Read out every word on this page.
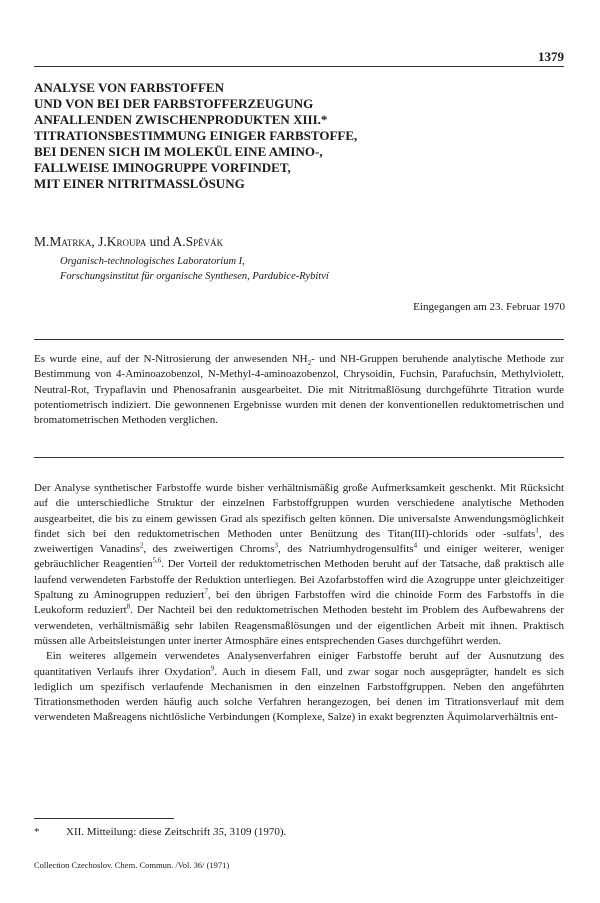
1379
ANALYSE VON FARBSTOFFEN
UND VON BEI DER FARBSTOFFERZEUGUNG
ANFALLENDEN ZWISCHENPRODUKTEN XIII.*
TITRATIONSBESTIMMUNG EINIGER FARBSTOFFE,
BEI DENEN SICH IM MOLEKÜL EINE AMINO-,
FALLWEISE IMINOGRUPPE VORFINDET,
MIT EINER NITRITMASSLÖSUNG
M.Matrka, J.Kroupa und A.Spěvák
Organisch-technologisches Laboratorium I,
Forschungsinstitut für organische Synthesen, Pardubice-Rybitví
Eingegangen am 23. Februar 1970

Es wurde eine, auf der N-Nitrosierung der anwesenden $NH_2-$ und NH-Gruppen beruhende analytische Methode zur Bestimmung von 4-Aminoazobenzol, N-Methyl-4-aminoazobenzol, Chrysoidin, Fuchsin, Parafuchsin, Methylviolett, Neutral-Rot, Trypaflavin und Phenosafranin ausgearbeitet. Die mit Nitritmaßlösung durchgeführte Titration wurde potentiometrisch indiziert. Die gewonnenen Ergebnisse wurden mit denen der konventionellen reduktometrischen und bromatometrischen Methoden verglichen.

Der Analyse synthetischer Farbstoffe wurde bisher verhältnismäßig große Aufmerksamkeit geschenkt. Mit Rücksicht auf die unterschiedliche Struktur der einzelnen Farbstoffgruppen wurden verschiedene analytische Methoden ausgearbeitet, die bis zu einem gewissen Grad als spezifisch gelten können. Die universalste Anwendungsmöglichkeit findet sich bei den reduktometrischen Methoden unter Benützung des Titan(III)-chlorids oder -sulfats$^1$, des zweiwertigen Vanadins$^2$, des zweiwertigen Chroms$^3$, des Natriumhydrogensulfits$^4$ und einiger weiterer, weniger gebräuchlicher Reagentien$^{5,6}$. Der Vorteil der reduktometrischen Methoden beruht auf der Tatsache, daß praktisch alle laufend verwendeten Farbstoffe der Reduktion unterliegen. Bei Azofarbstoffen wird die Azogruppe unter gleichzeitiger Spaltung zu Aminogruppen reduziert$^7$, bei den übrigen Farbstoffen wird die chinoide Form des Farbstoffs in die Leukoform reduziert$^8$. Der Nachteil bei den reduktometrischen Methoden besteht im Problem des Aufbewahrens der verwendeten, verhältnismäßig sehr labilen Reagensmaßlösungen und der eigentlichen Arbeit mit ihnen. Praktisch müssen alle Arbeitsleistungen unter inerter Atmosphäre eines entsprechenden Gases durchgeführt werden.

Ein weiteres allgemein verwendetes Analysenverfahren einiger Farbstoffe beruht auf der Ausnutzung des quantitativen Verlaufs ihrer Oxydation$^9$. Auch in diesem Fall, und zwar sogar noch ausgeprägter, handelt es sich lediglich um spezifisch verlaufende Mechanismen in den einzelnen Farbstoffgruppen. Neben den angeführten Titrationsmethoden werden häufig auch solche Verfahren herangezogen, bei denen im Titrationsverlauf mit dem verwendeten Maßreagens nichtlösliche Verbindungen (Komplexe, Salze) in exakt begrenzten Äquimolarverhältnis ent-

* XII. Mitteilung: diese Zeitschrift 35, 3109 (1970).
Collection Czechoslov. Chem. Commun. /Vol. 36/ (1971)
